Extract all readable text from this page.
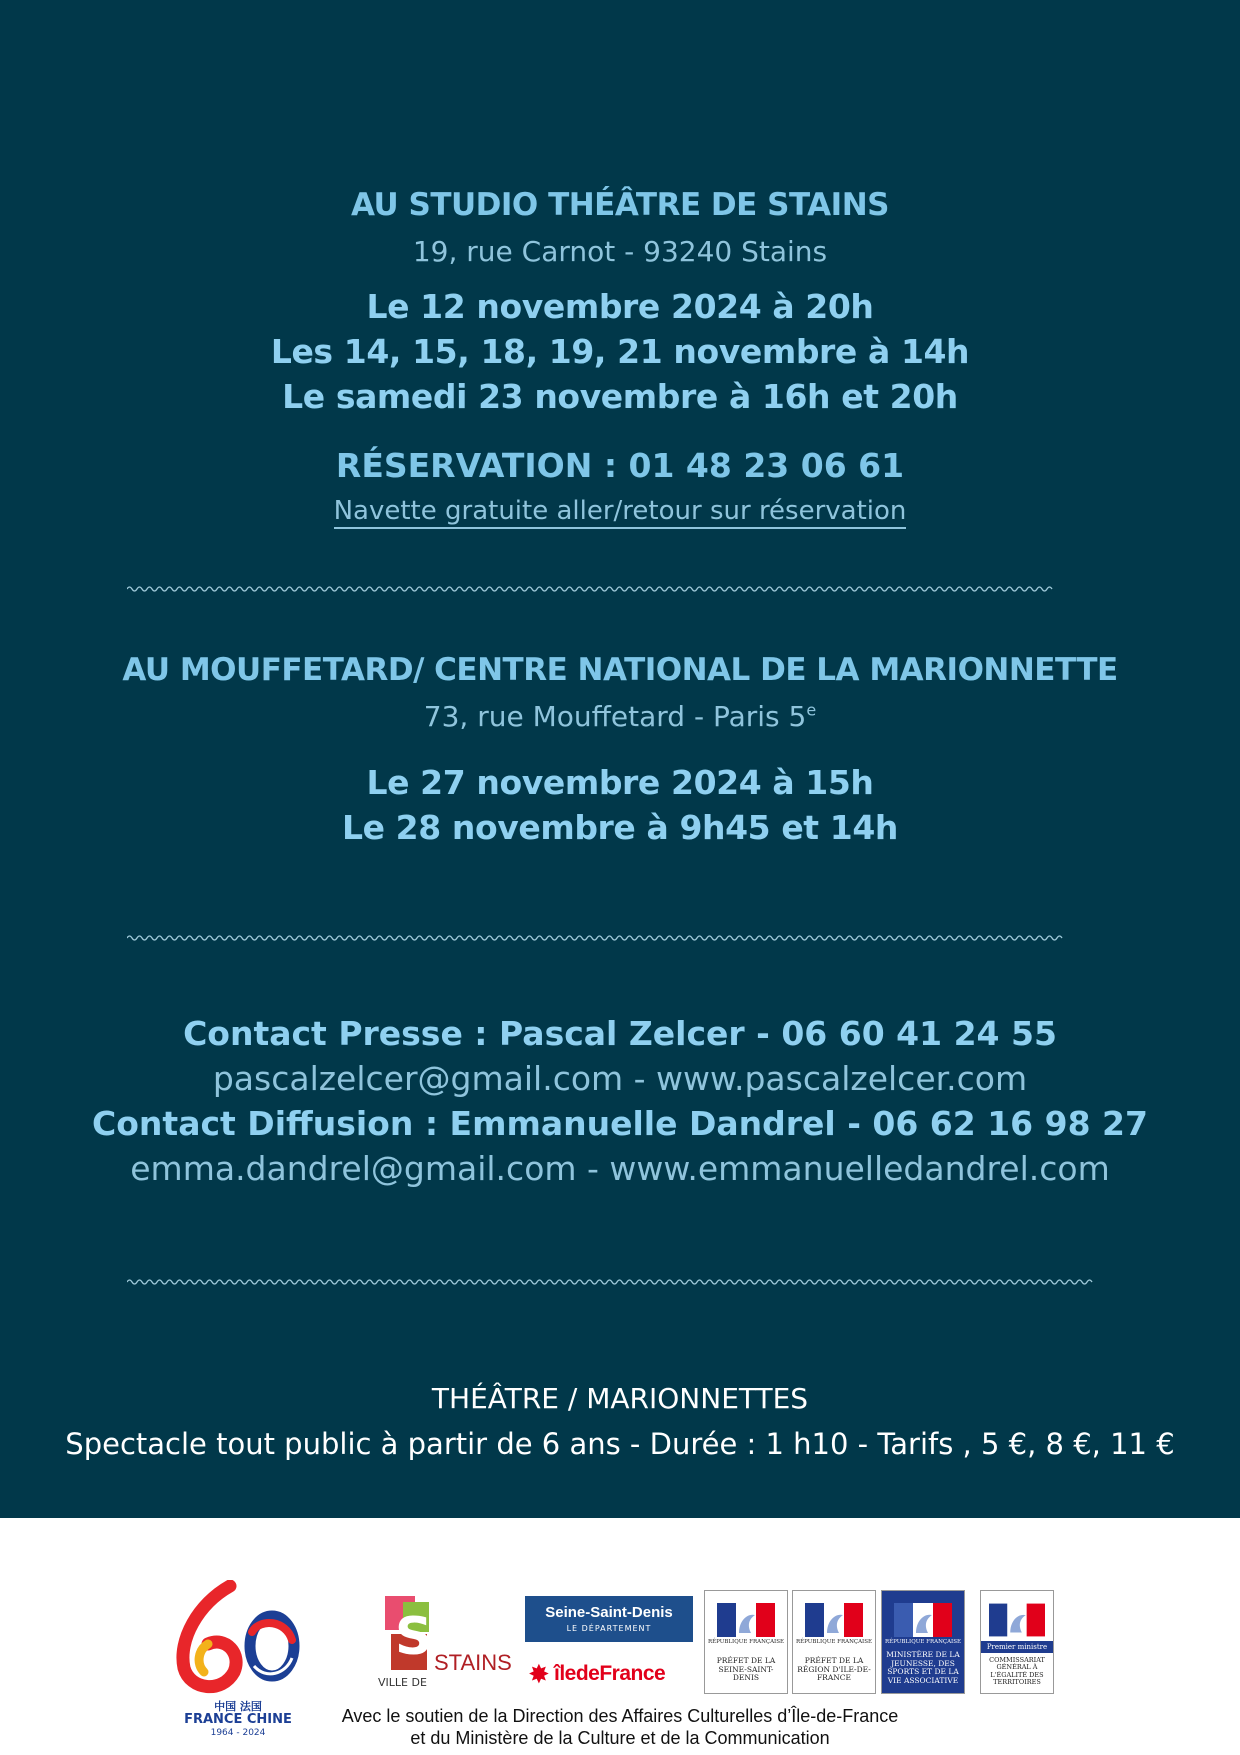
AU STUDIO THÉÂTRE DE STAINS
19, rue Carnot - 93240 Stains
Le 12 novembre 2024 à 20h
Les 14, 15, 18, 19, 21 novembre à 14h
Le samedi 23 novembre à 16h et 20h
RÉSERVATION : 01 48 23 06 61
Navette gratuite aller/retour sur réservation
AU MOUFFETARD/ CENTRE NATIONAL DE LA MARIONNETTE
73, rue Mouffetard - Paris 5e
Le 27 novembre 2024 à 15h
Le 28 novembre à 9h45 et 14h
Contact Presse : Pascal Zelcer - 06 60 41 24 55
pascalzelcer@gmail.com - www.pascalzelcer.com
Contact Diffusion : Emmanuelle Dandrel - 06 62 16 98 27
emma.dandrel@gmail.com - www.emmanuelledandrel.com
THÉÂTRE / MARIONNETTES
Spectacle tout public à partir de 6 ans - Durée : 1 h10 - Tarifs , 5 €, 8 €, 11 €
中国 法国
FRANCE CHINE
1964 - 2024
S
VILLE DE
STAINS
Seine-Saint-Denis
LE DÉPARTEMENT
✸ îledeFrance
RÉPUBLIQUE FRANÇAISE
PRÉFET DE LA SEINE-SAINT-DENIS
RÉPUBLIQUE FRANÇAISE
PRÉFET DE LA RÉGION D'ILE-DE-FRANCE
RÉPUBLIQUE FRANÇAISE
MINISTÈRE DE LA JEUNESSE, DES SPORTS ET DE LA VIE ASSOCIATIVE
Premier ministre
COMMISSARIAT GÉNÉRAL À L'ÉGALITÉ DES TERRITOIRES
Avec le soutien de la Direction des Affaires Culturelles d’Île-de-France
et du Ministère de la Culture et de la Communication
